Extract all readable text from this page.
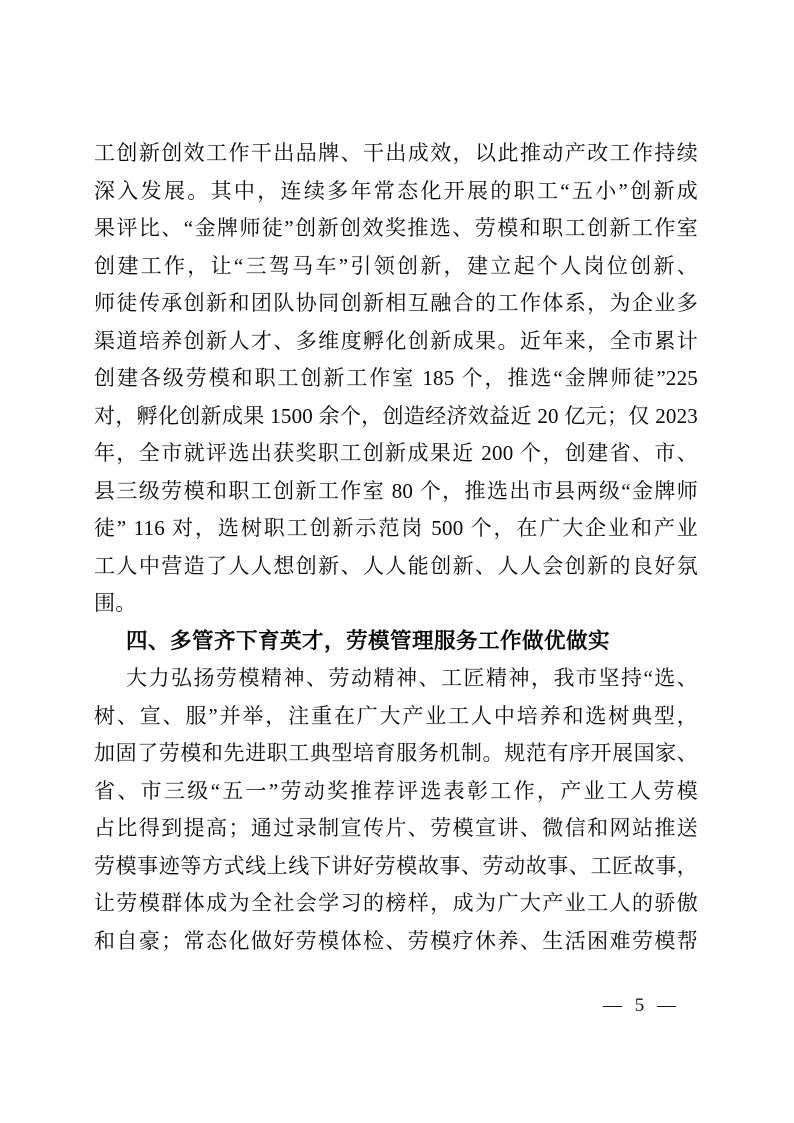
工创新创效工作干出品牌、干出成效，以此推动产改工作持续
深入发展。其中，连续多年常态化开展的职工“五小”创新成
果评比、“金牌师徒”创新创效奖推选、劳模和职工创新工作室
创建工作，让“三驾马车”引领创新，建立起个人岗位创新、
师徒传承创新和团队协同创新相互融合的工作体系，为企业多
渠道培养创新人才、多维度孵化创新成果。近年来，全市累计
创建各级劳模和职工创新工作室 185 个，推选“金牌师徒”225
对，孵化创新成果 1500 余个，创造经济效益近 20 亿元；仅 2023
年，全市就评选出获奖职工创新成果近 200 个，创建省、市、
县三级劳模和职工创新工作室 80 个，推选出市县两级“金牌师
徒” 116 对，选树职工创新示范岗 500 个，在广大企业和产业
工人中营造了人人想创新、人人能创新、人人会创新的良好氛
围。
四、多管齐下育英才，劳模管理服务工作做优做实
大力弘扬劳模精神、劳动精神、工匠精神，我市坚持“选、
树、宣、服”并举，注重在广大产业工人中培养和选树典型，
加固了劳模和先进职工典型培育服务机制。规范有序开展国家、
省、市三级“五一”劳动奖推荐评选表彰工作，产业工人劳模
占比得到提高；通过录制宣传片、劳模宣讲、微信和网站推送
劳模事迹等方式线上线下讲好劳模故事、劳动故事、工匠故事，
让劳模群体成为全社会学习的榜样，成为广大产业工人的骄傲
和自豪；常态化做好劳模体检、劳模疗休养、生活困难劳模帮
— 5 —
